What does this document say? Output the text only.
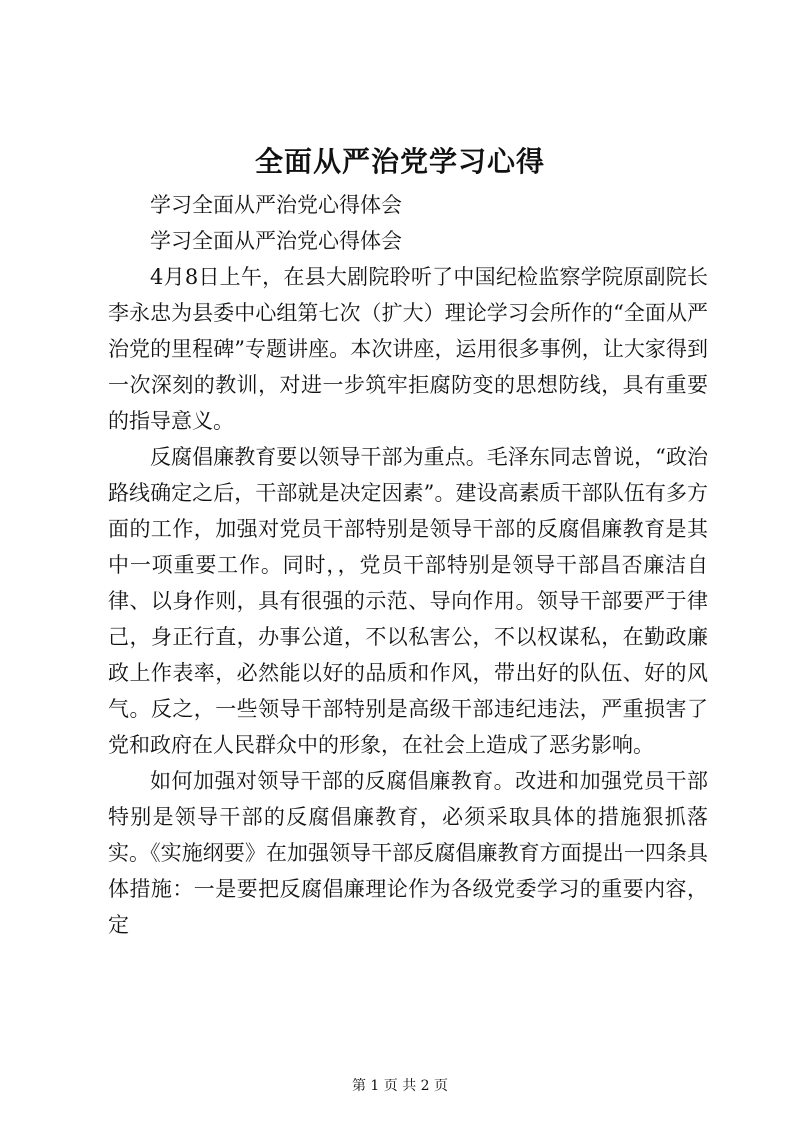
全面从严治党学习心得

学习全面从严治党心得体会

学习全面从严治党心得体会

4月8日上午，在县大剧院聆听了中国纪检监察学院原副院长李永忠为县委中心组第七次（扩大）理论学习会所作的“全面从严治党的里程碑”专题讲座。本次讲座，运用很多事例，让大家得到一次深刻的教训，对进一步筑牢拒腐防变的思想防线，具有重要的指导意义。

反腐倡廉教育要以领导干部为重点。毛泽东同志曾说，“政治路线确定之后，干部就是决定因素”。建设高素质干部队伍有多方面的工作，加强对党员干部特别是领导干部的反腐倡廉教育是其中一项重要工作。同时，，党员干部特别是领导干部昌否廉洁自律、以身作则，具有很强的示范、导向作用。领导干部要严于律己，身正行直，办事公道，不以私害公，不以权谋私，在勤政廉政上作表率，必然能以好的品质和作风，带出好的队伍、好的风气。反之，一些领导干部特别是高级干部违纪违法，严重损害了党和政府在人民群众中的形象，在社会上造成了恶劣影响。

如何加强对领导干部的反腐倡廉教育。改进和加强党员干部特别是领导干部的反腐倡廉教育，必须采取具体的措施狠抓落实。《实施纲要》在加强领导干部反腐倡廉教育方面提出一四条具体措施：一是要把反腐倡廉理论作为各级党委学习的重要内容，定

第 1 页 共 2 页
